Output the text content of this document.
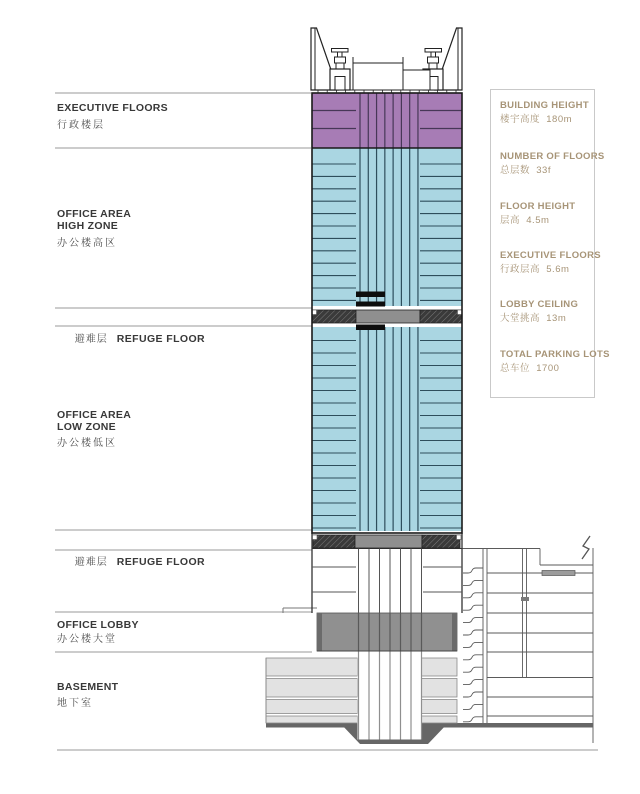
EXECUTIVE FLOORS
行政楼层
OFFICE AREA
HIGH ZONE
办公楼高区

避难层 REFUGE FLOOR

OFFICE AREA
LOW ZONE
办公楼低区

避难层 REFUGE FLOOR

OFFICE LOBBY
办公楼大堂
BASEMENT
地下室
BUILDING HEIGHT
楼宇高度  180m
NUMBER OF FLOORS
总层数  33f
FLOOR HEIGHT
层高  4.5m
EXECUTIVE FLOORS
行政层高  5.6m
LOBBY CEILING
大堂挑高  13m
TOTAL PARKING LOTS
总车位  1700
